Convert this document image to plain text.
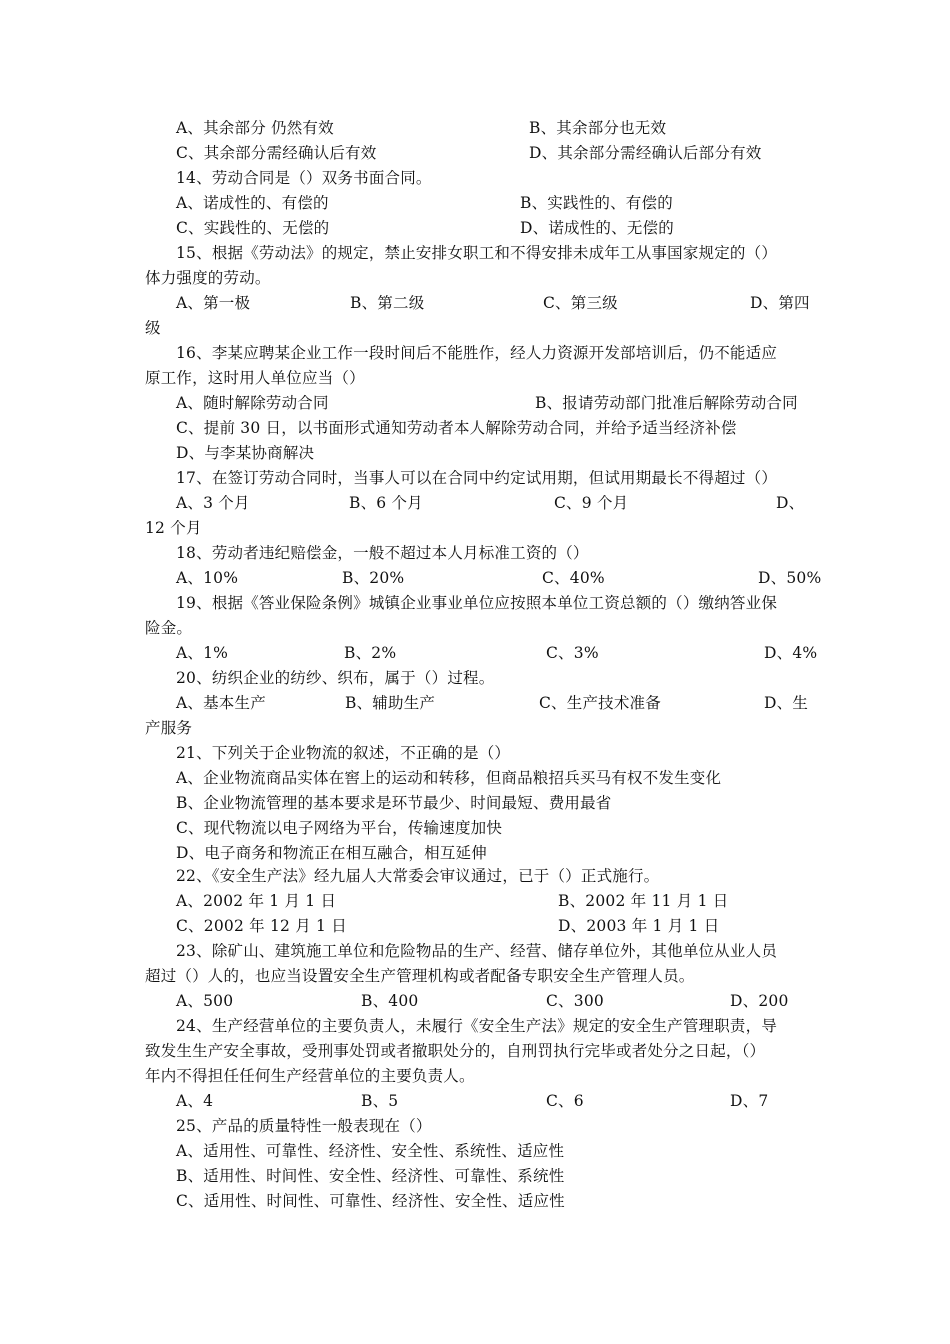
A、其余部分 仍然有效	B、其余部分也无效
C、其余部分需经确认后有效	D、其余部分需经确认后部分有效
14、劳动合同是（）双务书面合同。
A、诺成性的、有偿的	B、实践性的、有偿的
C、实践性的、无偿的	D、诺成性的、无偿的
15、根据《劳动法》的规定，禁止安排女职工和不得安排未成年工从事国家规定的（）
体力强度的劳动。
A、第一极	B、第二级	C、第三级	D、第四
级
16、李某应聘某企业工作一段时间后不能胜作，经人力资源开发部培训后，仍不能适应
原工作，这时用人单位应当（）
A、随时解除劳动合同	B、报请劳动部门批准后解除劳动合同
C、提前 30 日，以书面形式通知劳动者本人解除劳动合同，并给予适当经济补偿
D、与李某协商解决
17、在签订劳动合同时，当事人可以在合同中约定试用期，但试用期最长不得超过（）
A、3 个月	B、6 个月	C、9 个月	D、
12 个月
18、劳动者违纪赔偿金，一般不超过本人月标准工资的（）
A、10%	B、20%	C、40%	D、50%
19、根据《答业保险条例》城镇企业事业单位应按照本单位工资总额的（）缴纳答业保
险金。
A、1%	B、2%	C、3%	D、4%
20、纺织企业的纺纱、织布，属于（）过程。
A、基本生产	B、辅助生产	C、生产技术准备	D、生
产服务
21、下列关于企业物流的叙述，不正确的是（）
A、企业物流商品实体在窖上的运动和转移，但商品粮招兵买马有权不发生变化
B、企业物流管理的基本要求是环节最少、时间最短、费用最省
C、现代物流以电子网络为平台，传输速度加快
D、电子商务和物流正在相互融合，相互延伸
22、《安全生产法》经九届人大常委会审议通过，已于（）正式施行。
A、2002 年 1 月 1 日	B、2002 年 11 月 1 日
C、2002 年 12 月 1 日	D、2003 年 1 月 1 日
23、除矿山、建筑施工单位和危险物品的生产、经营、储存单位外，其他单位从业人员
超过（）人的，也应当设置安全生产管理机构或者配备专职安全生产管理人员。
A、500	B、400	C、300	D、200
24、生产经营单位的主要负责人，未履行《安全生产法》规定的安全生产管理职责，导
致发生生产安全事故，受刑事处罚或者撤职处分的，自刑罚执行完毕或者处分之日起，（）
年内不得担任任何生产经营单位的主要负责人。
A、4	B、5	C、6	D、7
25、产品的质量特性一般表现在（）
A、适用性、可靠性、经济性、安全性、系统性、适应性
B、适用性、时间性、安全性、经济性、可靠性、系统性
C、适用性、时间性、可靠性、经济性、安全性、适应性
